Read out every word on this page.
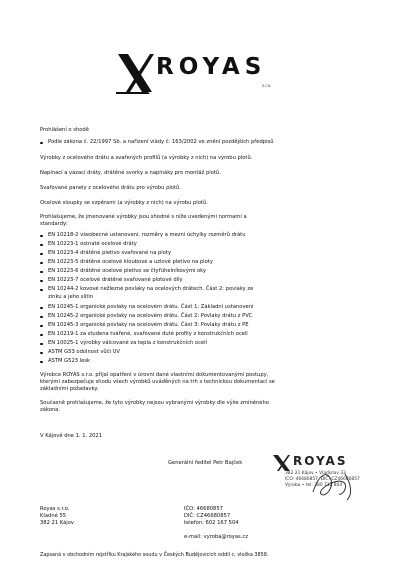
ROYAS
s.r.o.
Prohlášení o shodě
Podle zákona č. 22/1997 Sb. a nařízení vlády č. 163/2002 ve znění pozdějších předpisů
Výrobky z ocelového drátu a svařených profilů (a výrobky z nich) na výrobu plotů.
Napínací a vázací dráty, drátěné svorky a napínáky pro montáž plotů.
Svařované panely z ocelového drátu pro výrobu plotů.
Ocelové sloupky se vzpěrami (a výrobky z nich) na výrobu plotů.
Prohlašujeme, že jmenované výrobky jsou shodné s níže uvedenými normami a
standardy:
EN 10218-2 všeobecné ustanovení, rozměry a mezní úchylky rozměrů drátu
EN 10223-1 ostnaté ocelové dráty
EN 10223-4 drátěné pletivo svařované na ploty
EN 10223-5 drátěné ocelové kloubové a uzlové pletivo na ploty
EN 10223-6 drátěné ocelové pletivo se čtyřúhelníkovými oky
EN 10223-7 ocelové drátěné svařované plotové díly
EN 10244-2 kovové nežlezné povlaky na ocelových drátech. Část 2: povlaky ze
zinku a jeho slitin
EN 10245-1 organické povlaky na ocelovém drátu. Část 1: Základní ustanovení
EN 10245-2 organické povlaky na ocelovém drátu. Část 2: Povlaky drátu z PVC
EN 10245-3 organické povlaky na ocelovém drátu. Část 3: Povlaky drátu z PE
EN 10219-1 za studena tvářené, svařované duté profily z konstrukčních ocelí
EN 10025-1 výrobky válcované za tepla z konstrukčních ocelí
ASTM G53 odolnost vůči UV
ASTM G523 lesk
Výrobce ROYAS s.r.o. přijal opatření v úrovni dané vlastními dokumentovanými postupy,
kterými zabezpečuje shodu všech výrobků uváděných na trh s technickou dokumentací se
základními požadavky.
Současně prohlašujeme, že tyto výrobky nejsou vybranými výrobky dle výše zmíněného
zákona.
V Kájově dne 1. 1. 2021
Generální ředitel Petr Bajček	ROYAS
382 21 Kájov • Vladislav 33
IČO: 46680857, DIČ: CZ46680857
Výroba • tel: 380 712 804
Royas s.r.o.
Kladné 55
382 21 Kájov
IČO: 46680857
DIČ: CZ46680857
telefon: 602 167 504
e-mail: vyroba@royas.cz
Zapsaná v obchodním rejstříku Krajského soudu v Českých Budějovicích oddíl c, vložka 3858.
